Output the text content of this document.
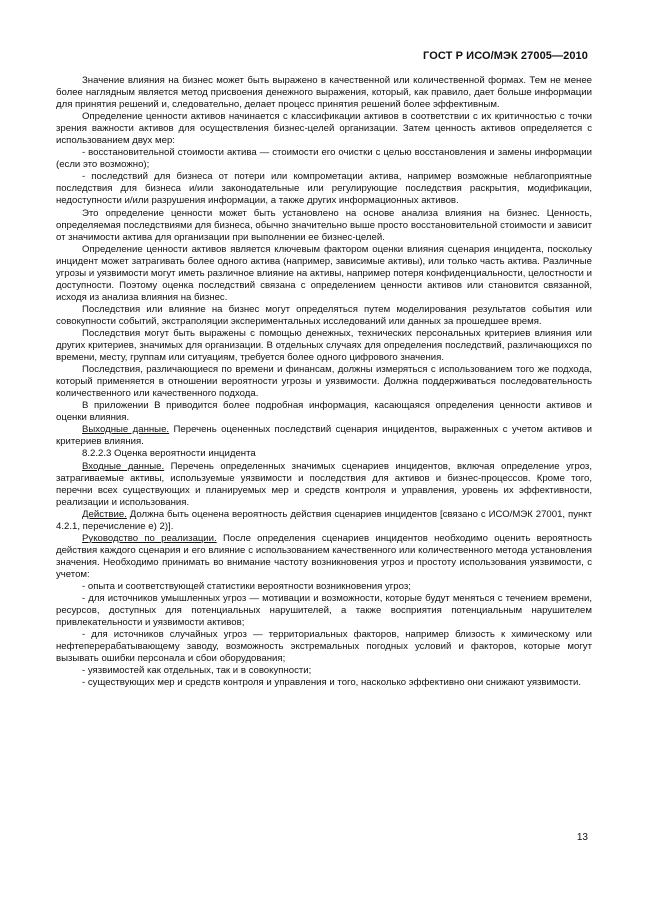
ГОСТ Р ИСО/МЭК 27005—2010

Значение влияния на бизнес может быть выражено в качественной или количественной формах. Тем не менее более наглядным является метод присвоения денежного выражения, который, как правило, дает больше информации для принятия решений и, следовательно, делает процесс принятия решений более эффективным.

Определение ценности активов начинается с классификации активов в соответствии с их критичностью с точки зрения важности активов для осуществления бизнес-целей организации. Затем ценность активов определяется с использованием двух мер:

- восстановительной стоимости актива — стоимости его очистки с целью восстановления и замены информации (если это возможно);

- последствий для бизнеса от потери или компрометации актива, например возможные неблагоприятные последствия для бизнеса и/или законодательные или регулирующие последствия раскрытия, модификации, недоступности и/или разрушения информации, а также других информационных активов.

Это определение ценности может быть установлено на основе анализа влияния на бизнес. Ценность, определяемая последствиями для бизнеса, обычно значительно выше просто восстановительной стоимости и зависит от значимости актива для организации при выполнении ее бизнес-целей.

Определение ценности активов является ключевым фактором оценки влияния сценария инцидента, поскольку инцидент может затрагивать более одного актива (например, зависимые активы), или только часть актива. Различные угрозы и уязвимости могут иметь различное влияние на активы, например потеря конфиденциальности, целостности и доступности. Поэтому оценка последствий связана с определением ценности активов или становится связанной, исходя из анализа влияния на бизнес.

Последствия или влияние на бизнес могут определяться путем моделирования результатов события или совокупности событий, экстраполяции экспериментальных исследований или данных за прошедшее время.

Последствия могут быть выражены с помощью денежных, технических персональных критериев влияния или других критериев, значимых для организации. В отдельных случаях для определения последствий, различающихся по времени, месту, группам или ситуациям, требуется более одного цифрового значения.

Последствия, различающиеся по времени и финансам, должны измеряться с использованием того же подхода, который применяется в отношении вероятности угрозы и уязвимости. Должна поддерживаться последовательность количественного или качественного подхода.

В приложении В приводится более подробная информация, касающаяся определения ценности активов и оценки влияния.

Выходные данные. Перечень оцененных последствий сценария инцидентов, выраженных с учетом активов и критериев влияния.

8.2.2.3 Оценка вероятности инцидента

Входные данные. Перечень определенных значимых сценариев инцидентов, включая определение угроз, затрагиваемые активы, используемые уязвимости и последствия для активов и бизнес-процессов. Кроме того, перечни всех существующих и планируемых мер и средств контроля и управления, уровень их эффективности, реализации и использования.

Действие. Должна быть оценена вероятность действия сценариев инцидентов [связано с ИСО/МЭК 27001, пункт 4.2.1, перечисление е) 2)].

Руководство по реализации. После определения сценариев инцидентов необходимо оценить вероятность действия каждого сценария и его влияние с использованием качественного или количественного метода установления значения. Необходимо принимать во внимание частоту возникновения угроз и простоту использования уязвимости, с учетом:

- опыта и соответствующей статистики вероятности возникновения угроз;

- для источников умышленных угроз — мотивации и возможности, которые будут меняться с течением времени, ресурсов, доступных для потенциальных нарушителей, а также восприятия потенциальным нарушителем привлекательности и уязвимости активов;

- для источников случайных угроз — территориальных факторов, например близость к химическому или нефтеперерабатывающему заводу, возможность экстремальных погодных условий и факторов, которые могут вызывать ошибки персонала и сбои оборудования;

- уязвимостей как отдельных, так и в совокупности;

- существующих мер и средств контроля и управления и того, насколько эффективно они снижают уязвимости.

13
